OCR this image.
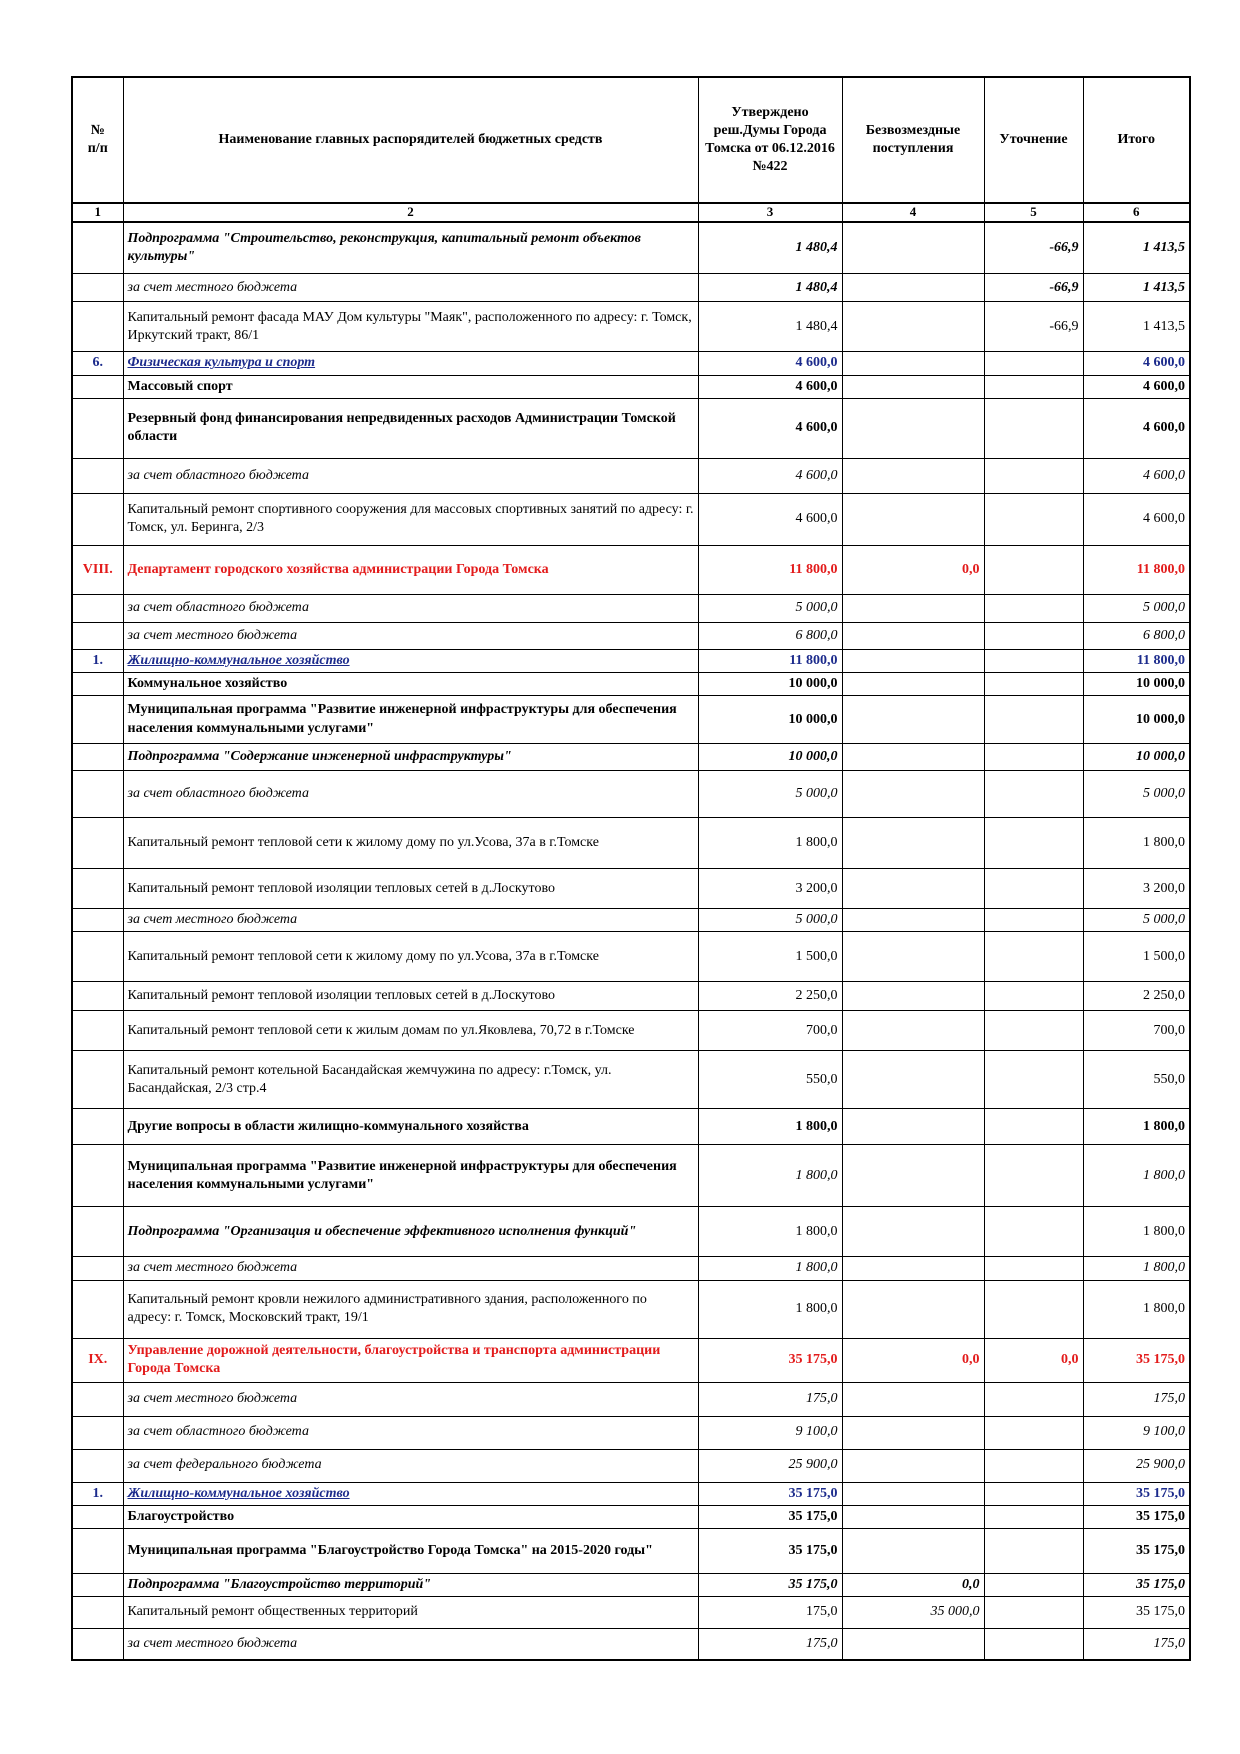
№
п/п	Наименование главных распорядителей бюджетных средств	Утверждено реш.Думы Города Томска от 06.12.2016 №422	Безвозмездные поступления	Уточнение	Итого
1	2	3	4	5	6
	Подпрограмма "Строительство, реконструкция, капитальный ремонт объектов культуры"	1 480,4		-66,9	1 413,5
	за счет местного бюджета	1 480,4		-66,9	1 413,5
	Капитальный ремонт фасада МАУ Дом культуры "Маяк", расположенного по адресу: г. Томск, Иркутский тракт, 86/1	1 480,4		-66,9	1 413,5
6.	Физическая культура и спорт	4 600,0			4 600,0
	Массовый спорт	4 600,0			4 600,0
	Резервный фонд финансирования непредвиденных расходов Администрации Томской области	4 600,0			4 600,0
	за счет областного бюджета	4 600,0			4 600,0
	Капитальный ремонт спортивного сооружения для массовых спортивных занятий по адресу: г. Томск, ул. Беринга, 2/3	4 600,0			4 600,0
VIII.	Департамент городского хозяйства администрации Города Томска	11 800,0	0,0		11 800,0
	за счет областного бюджета	5 000,0			5 000,0
	за счет местного бюджета	6 800,0			6 800,0
1.	Жилищно-коммунальное хозяйство	11 800,0			11 800,0
	Коммунальное хозяйство	10 000,0			10 000,0
	Муниципальная программа "Развитие инженерной инфраструктуры для обеспечения населения коммунальными услугами"	10 000,0			10 000,0
	Подпрограмма "Содержание инженерной инфраструктуры"	10 000,0			10 000,0
	за счет областного бюджета	5 000,0			5 000,0
	Капитальный ремонт тепловой сети к жилому дому по ул.Усова, 37а в г.Томске	1 800,0			1 800,0
	Капитальный ремонт тепловой изоляции тепловых сетей в д.Лоскутово	3 200,0			3 200,0
	за счет местного бюджета	5 000,0			5 000,0
	Капитальный ремонт тепловой сети к жилому дому по ул.Усова, 37а в г.Томске	1 500,0			1 500,0
	Капитальный ремонт тепловой изоляции тепловых сетей в д.Лоскутово	2 250,0			2 250,0
	Капитальный ремонт тепловой сети к жилым домам по ул.Яковлева, 70,72 в г.Томске	700,0			700,0
	Капитальный ремонт котельной Басандайская жемчужина по адресу: г.Томск, ул. Басандайская, 2/3 стр.4	550,0			550,0
	Другие вопросы в области жилищно-коммунального хозяйства	1 800,0			1 800,0
	Муниципальная программа "Развитие инженерной инфраструктуры для обеспечения населения коммунальными услугами"	1 800,0			1 800,0
	Подпрограмма "Организация и обеспечение эффективного исполнения функций"	1 800,0			1 800,0
	за счет местного бюджета	1 800,0			1 800,0
	Капитальный ремонт кровли нежилого административного здания, расположенного по адресу: г. Томск, Московский тракт, 19/1	1 800,0			1 800,0
IX.	Управление дорожной деятельности, благоустройства и транспорта администрации Города Томска	35 175,0	0,0	0,0	35 175,0
	за счет местного бюджета	175,0			175,0
	за счет областного бюджета	9 100,0			9 100,0
	за счет федерального бюджета	25 900,0			25 900,0
1.	Жилищно-коммунальное хозяйство	35 175,0			35 175,0
	Благоустройство	35 175,0			35 175,0
	Муниципальная программа "Благоустройство Города Томска" на 2015-2020 годы"	35 175,0			35 175,0
	Подпрограмма "Благоустройство территорий"	35 175,0	0,0		35 175,0
	Капитальный ремонт общественных территорий	175,0	35 000,0		35 175,0
	за счет местного бюджета	175,0			175,0
